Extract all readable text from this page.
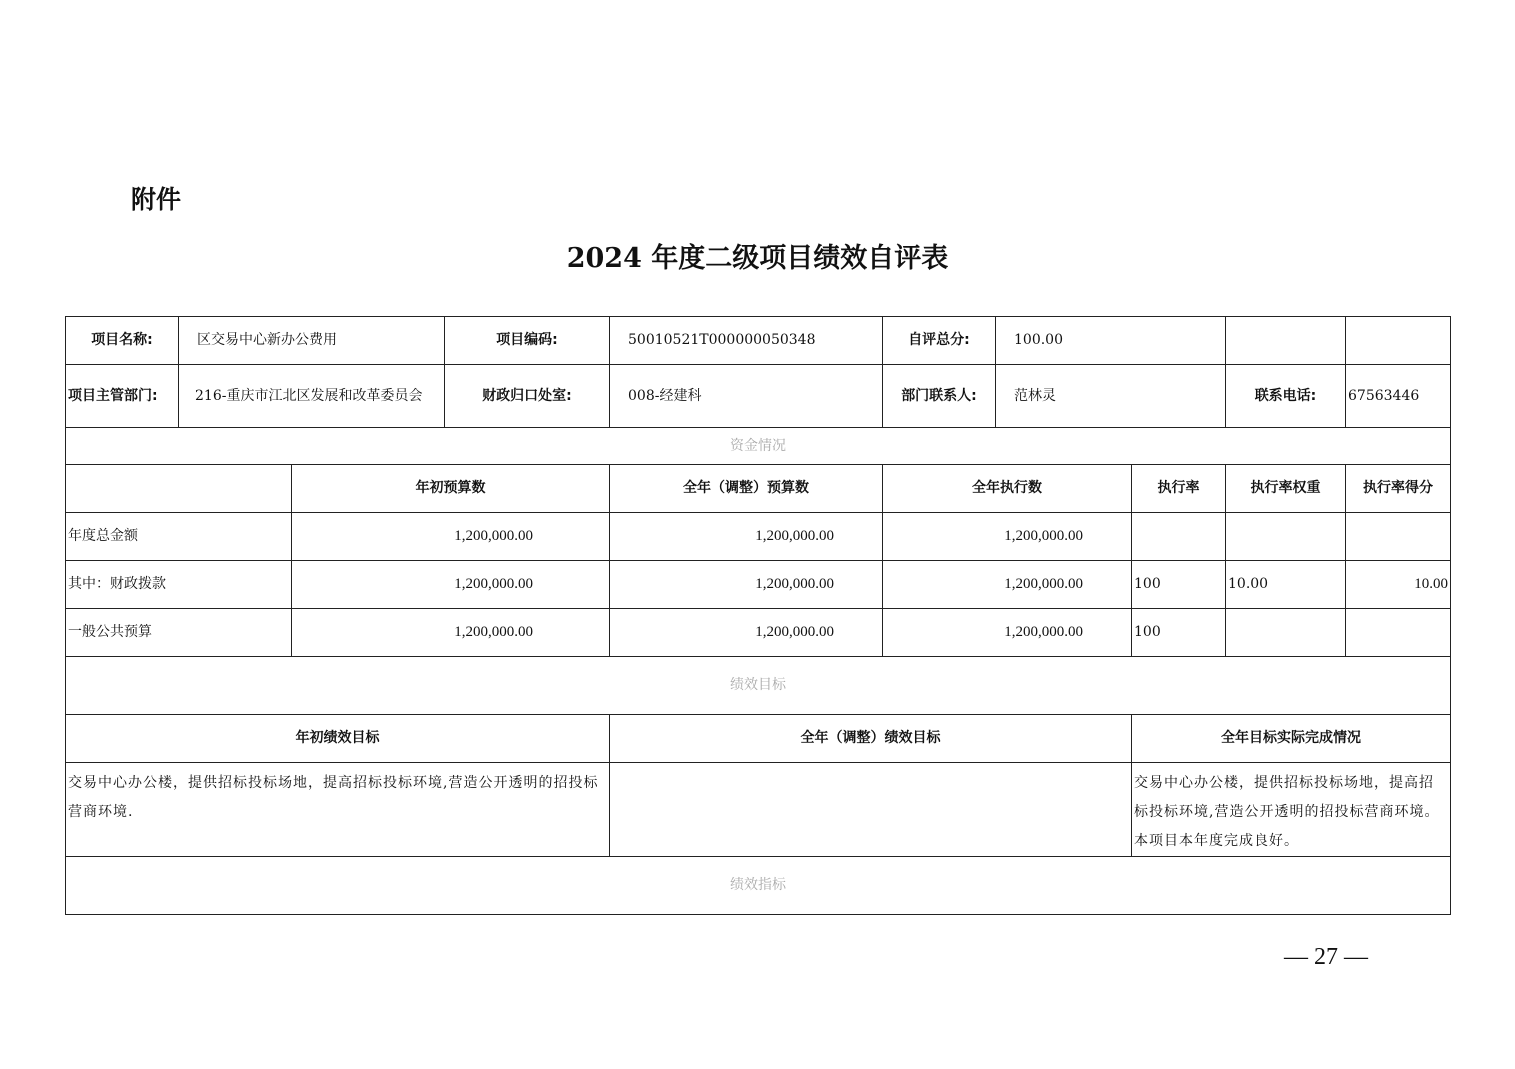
附件
2024 年度二级项目绩效自评表
项目名称:	区交易中心新办公费用		项目编码:	50010521T000000050348	自评总分:	100.00			
项目主管部门:	216-重庆市江北区发展和改革委员会		财政归口处室:	008-经建科	部门联系人:	范林灵		联系电话:	67563446
资金情况									
		年初预算数		全年（调整）预算数	全年执行数		执行率	执行率权重	执行率得分
年度总金额		1,200,000.00		1,200,000.00	1,200,000.00				
其中：财政拨款		1,200,000.00		1,200,000.00	1,200,000.00		100	10.00	10.00
一般公共预算		1,200,000.00		1,200,000.00	1,200,000.00		100		
绩效目标									
年初绩效目标				全年（调整）绩效目标			全年目标实际完成情况		
交易中心办公楼，提供招标投标场地，提高招标投标环境,营造公开透明的招投标营商环境.							交易中心办公楼，提供招标投标场地，提高招标投标环境,营造公开透明的招投标营商环境。本项目本年度完成良好。		
绩效指标									
— 27 —
